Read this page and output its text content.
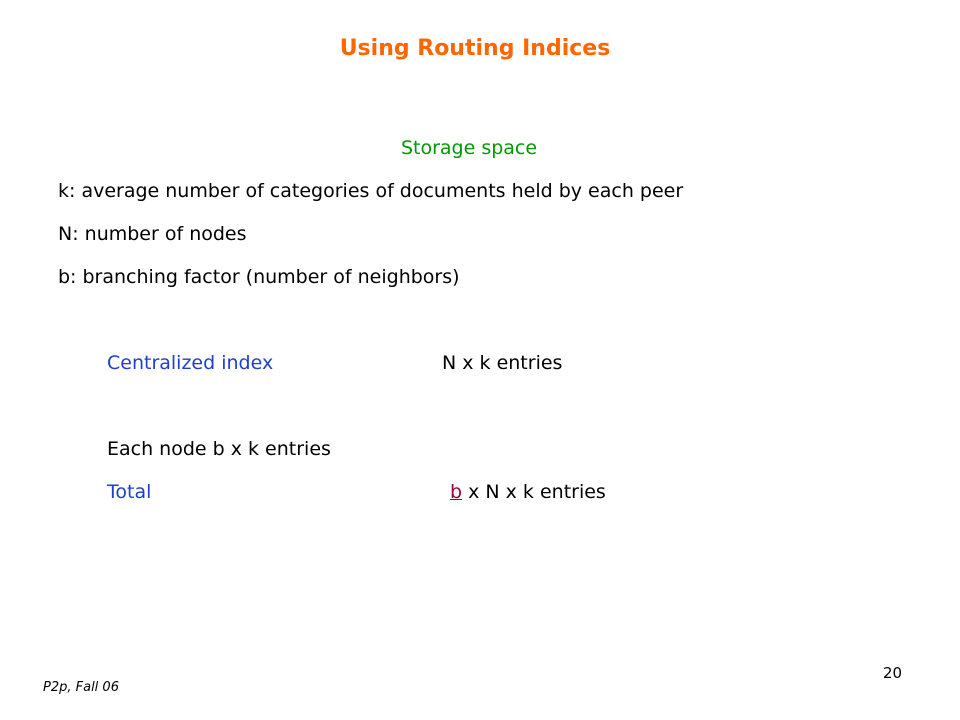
Using Routing Indices
Storage space
k: average number of categories of documents held by each peer
N: number of nodes
b: branching factor (number of neighbors)
Centralized index	N x k entries
Each node b x k entries
Total	b x N x k entries
P2p, Fall 06
20
